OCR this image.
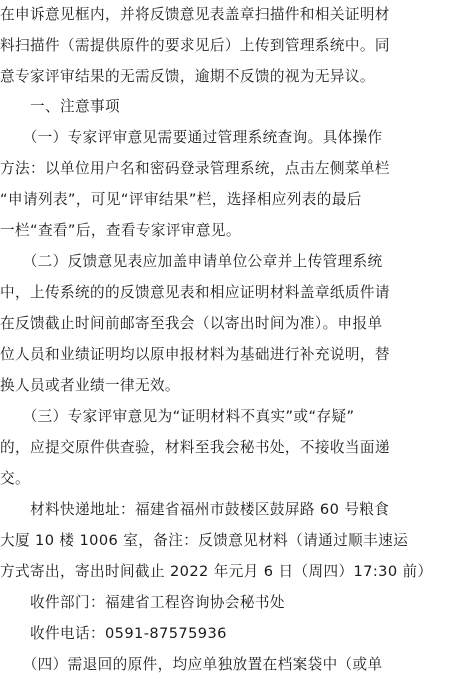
在申诉意见框内，并将反馈意见表盖章扫描件和相关证明材
料扫描件（需提供原件的要求见后）上传到管理系统中。同
意专家评审结果的无需反馈，逾期不反馈的视为无异议。
　　一、注意事项
　　（一）专家评审意见需要通过管理系统查询。具体操作
方法：以单位用户名和密码登录管理系统，点击左侧菜单栏
“申请列表”，可见“评审结果”栏，选择相应列表的最后
一栏“查看”后，查看专家评审意见。
　　（二）反馈意见表应加盖申请单位公章并上传管理系统
中，上传系统的的反馈意见表和相应证明材料盖章纸质件请
在反馈截止时间前邮寄至我会（以寄出时间为准）。申报单
位人员和业绩证明均以原申报材料为基础进行补充说明，替
换人员或者业绩一律无效。
　　（三）专家评审意见为“证明材料不真实”或“存疑”
的，应提交原件供查验，材料至我会秘书处，不接收当面递
交。
　　材料快递地址：福建省福州市鼓楼区鼓屏路 60 号粮食
大厦 10 楼 1006 室，备注：反馈意见材料（请通过顺丰速运
方式寄出，寄出时间截止 2022 年元月 6 日（周四）17:30 前）
　　收件部门：福建省工程咨询协会秘书处
　　收件电话：0591-87575936
　　（四）需退回的原件，均应单独放置在档案袋中（或单
